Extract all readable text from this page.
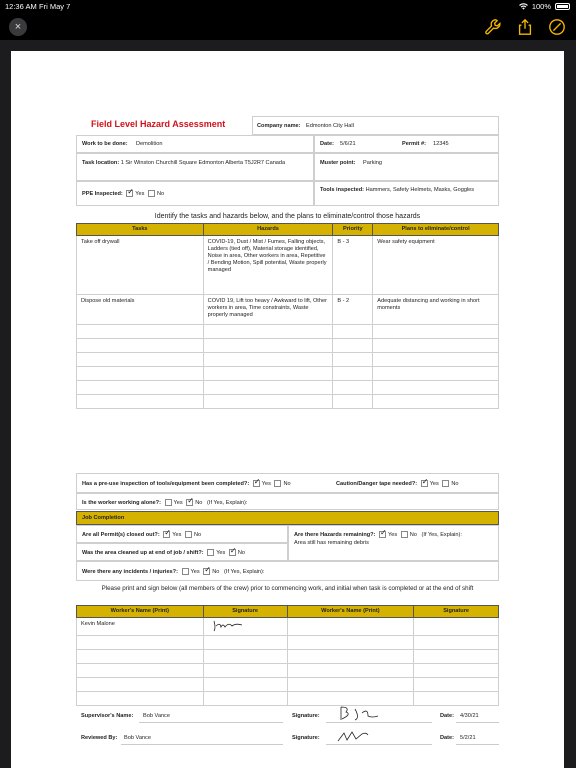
12:36 AM Fri May 7	100%
×
Field Level Hazard Assessment	Company name: Edmonton City Hall
Work to be done: Demolition	Date: 5/6/21	Permit #: 12345
Task location: 1 Sir Winston Churchill Square Edmonton Alberta T5J2R7 Canada	Muster point: Parking
PPE Inspected: ✓ Yes No
Tools inspected: Hammers, Safety Helmets, Masks, Goggles
Identify the tasks and hazards below, and the plans to eliminate/control those hazards
Tasks	Hazards	Priority	Plans to eliminate/control
Take off drywall	COVID-19, Dust / Mist / Fumes, Falling objects, Ladders (tied off), Material storage identified, Noise in area, Other workers in area, Repetitive / Bending Motion, Spill potential, Waste properly managed	B - 3	Wear safety equipment
Dispose old materials	COVID 19, Lift too heavy / Awkward to lift, Other workers in area, Time constraints, Waste properly managed	B - 2	Adequate distancing and working in short moments

Has a pre-use inspection of tools/equipment been completed?: ✓ Yes No	Caution/Danger tape needed?: ✓ Yes No
Is the worker working alone?: Yes ✓ No (If Yes, Explain):
Job Completion
Are all Permit(s) closed out?: ✓ Yes No	Are there Hazards remaining?: ✓ Yes No (If Yes, Explain):
Area still has remaining debris
Was the area cleaned up at end of job / shift?: Yes ✓ No
Were there any incidents / injuries?: Yes ✓ No (If Yes, Explain):
Please print and sign below (all members of the crew) prior to commencing work, and initial when task is completed or at the end of shift
Worker's Name (Print)	Signature	Worker's Name (Print)	Signature
Kevin Malone			

Supervisor's Name: Bob Vance	Signature:	Date: 4/30/21
Reviewed By: Bob Vance	Signature:	Date: 5/2/21
